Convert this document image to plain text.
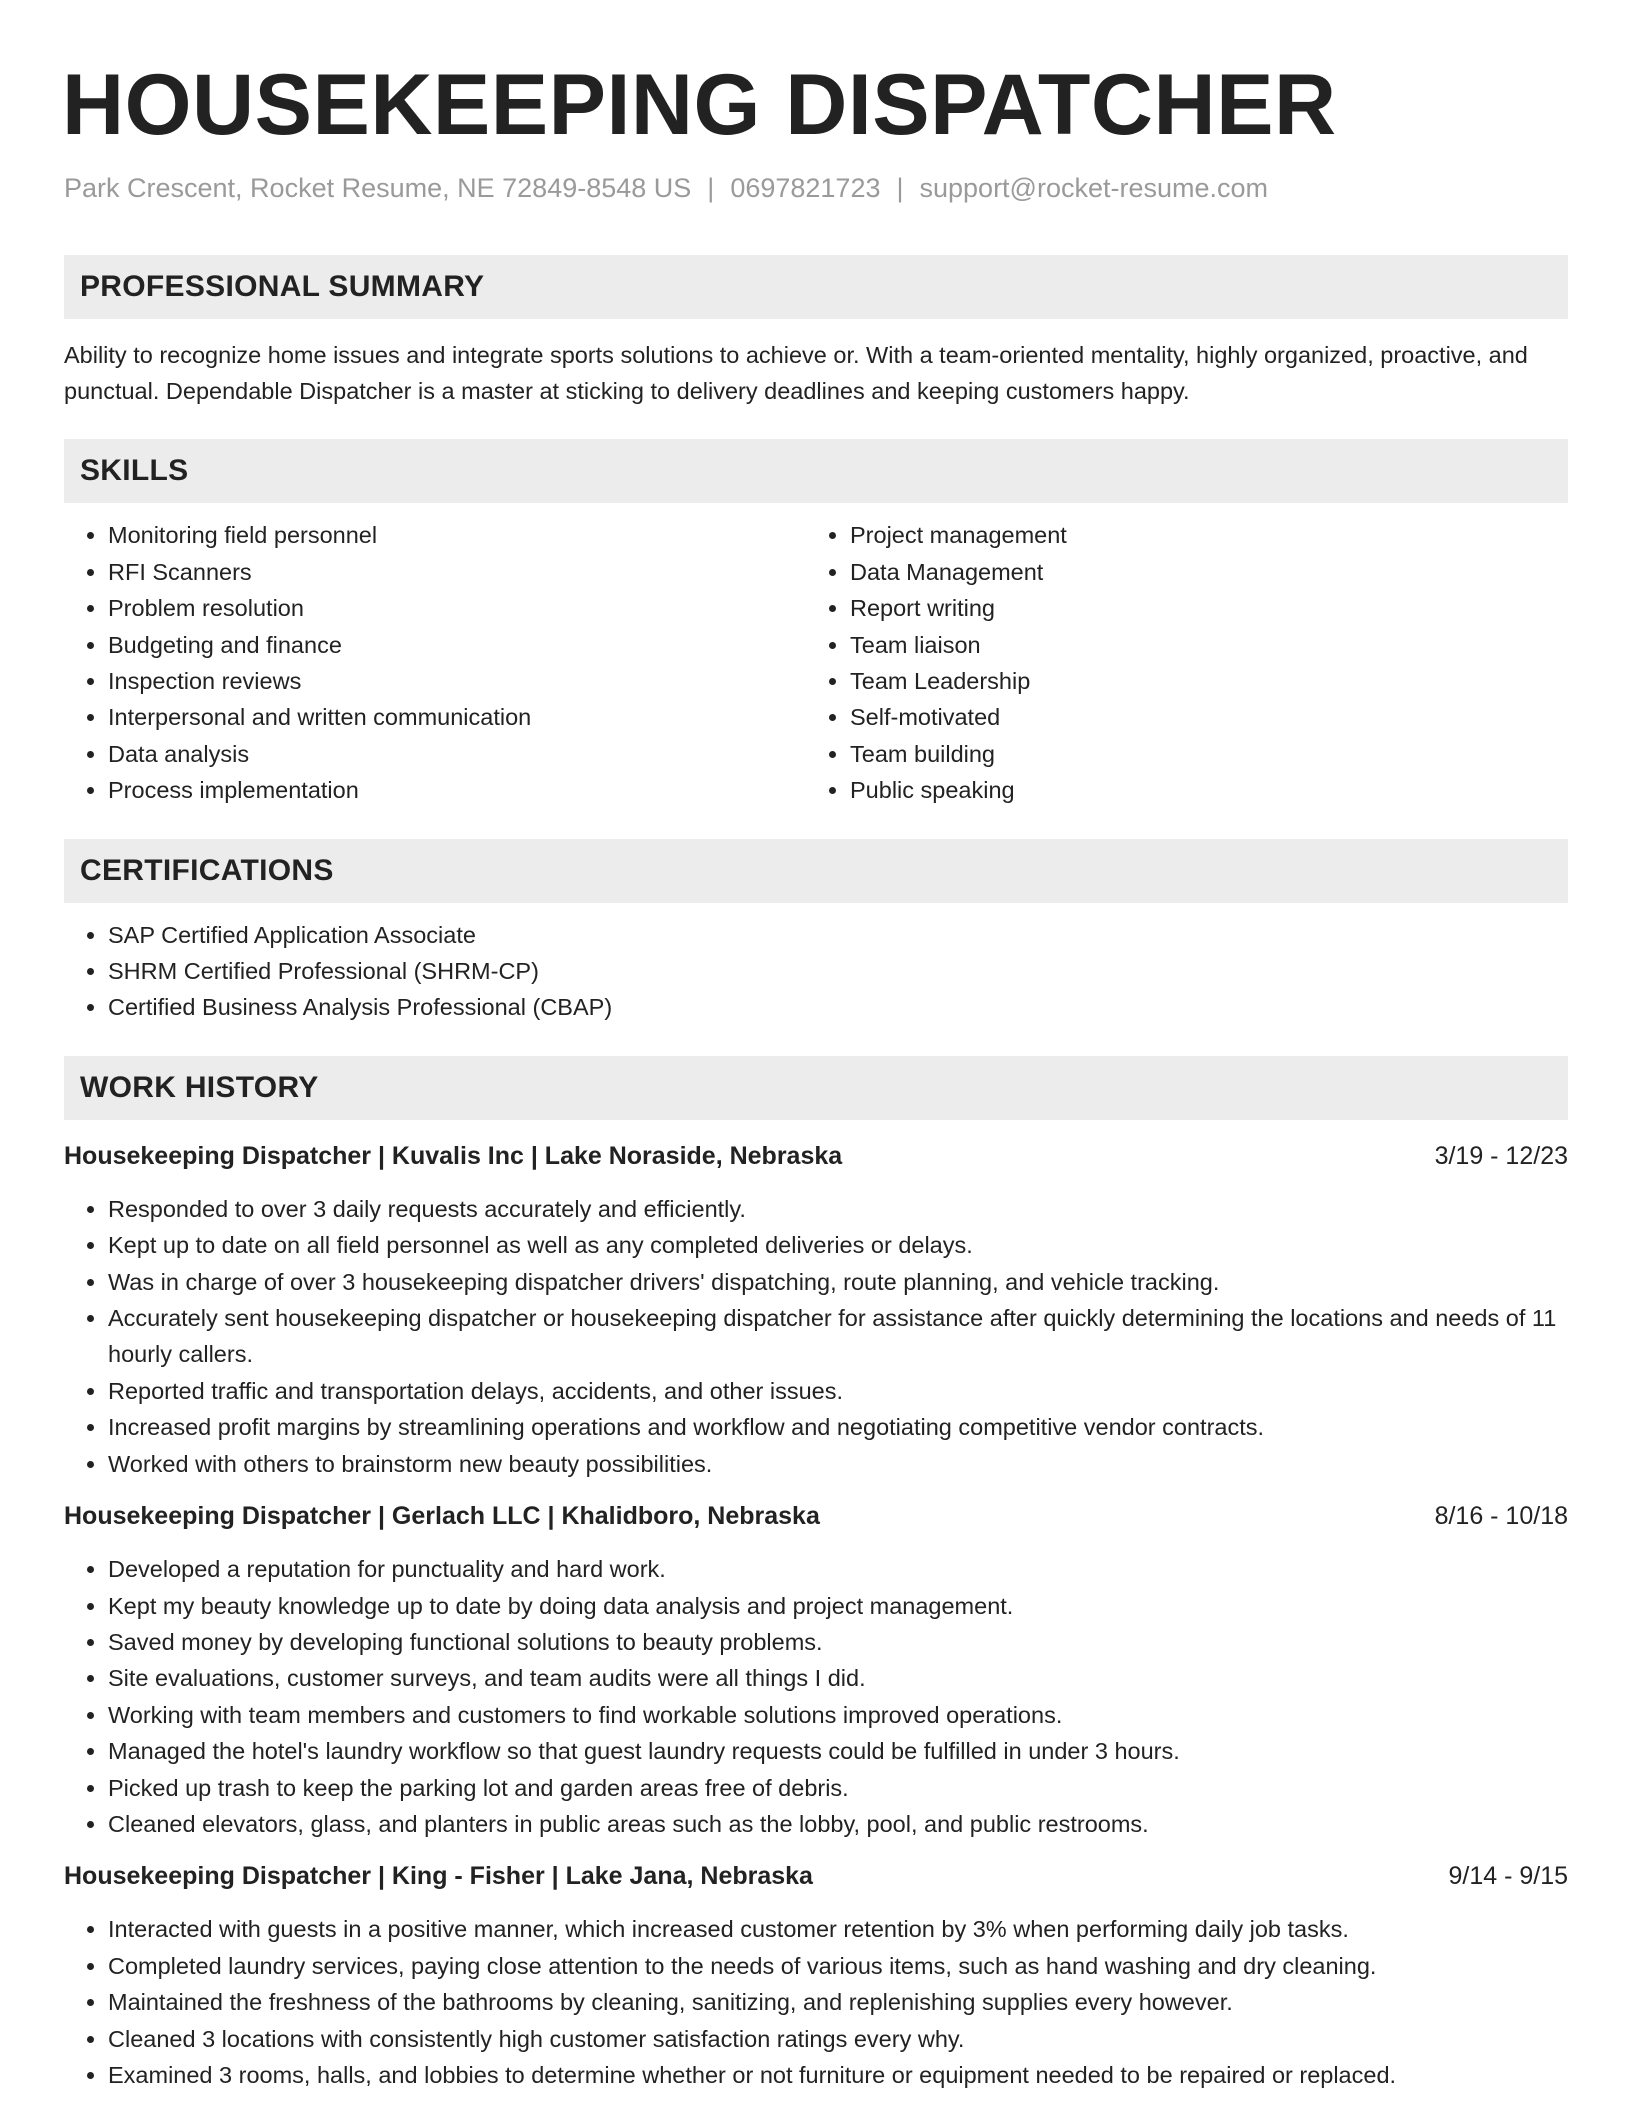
HOUSEKEEPING DISPATCHER
Park Crescent, Rocket Resume, NE 72849-8548 US | 0697821723 | support@rocket-resume.com
PROFESSIONAL SUMMARY
Ability to recognize home issues and integrate sports solutions to achieve or. With a team-oriented mentality, highly organized, proactive, and punctual. Dependable Dispatcher is a master at sticking to delivery deadlines and keeping customers happy.
SKILLS
• Monitoring field personnel
• RFI Scanners
• Problem resolution
• Budgeting and finance
• Inspection reviews
• Interpersonal and written communication
• Data analysis
• Process implementation
• Project management
• Data Management
• Report writing
• Team liaison
• Team Leadership
• Self-motivated
• Team building
• Public speaking
CERTIFICATIONS
• SAP Certified Application Associate
• SHRM Certified Professional (SHRM-CP)
• Certified Business Analysis Professional (CBAP)
WORK HISTORY
Housekeeping Dispatcher | Kuvalis Inc | Lake Noraside, Nebraska	3/19 - 12/23
• Responded to over 3 daily requests accurately and efficiently.
• Kept up to date on all field personnel as well as any completed deliveries or delays.
• Was in charge of over 3 housekeeping dispatcher drivers' dispatching, route planning, and vehicle tracking.
• Accurately sent housekeeping dispatcher or housekeeping dispatcher for assistance after quickly determining the locations and needs of 11 hourly callers.
• Reported traffic and transportation delays, accidents, and other issues.
• Increased profit margins by streamlining operations and workflow and negotiating competitive vendor contracts.
• Worked with others to brainstorm new beauty possibilities.
Housekeeping Dispatcher | Gerlach LLC | Khalidboro, Nebraska	8/16 - 10/18
• Developed a reputation for punctuality and hard work.
• Kept my beauty knowledge up to date by doing data analysis and project management.
• Saved money by developing functional solutions to beauty problems.
• Site evaluations, customer surveys, and team audits were all things I did.
• Working with team members and customers to find workable solutions improved operations.
• Managed the hotel's laundry workflow so that guest laundry requests could be fulfilled in under 3 hours.
• Picked up trash to keep the parking lot and garden areas free of debris.
• Cleaned elevators, glass, and planters in public areas such as the lobby, pool, and public restrooms.
Housekeeping Dispatcher | King - Fisher | Lake Jana, Nebraska	9/14 - 9/15
• Interacted with guests in a positive manner, which increased customer retention by 3% when performing daily job tasks.
• Completed laundry services, paying close attention to the needs of various items, such as hand washing and dry cleaning.
• Maintained the freshness of the bathrooms by cleaning, sanitizing, and replenishing supplies every however.
• Cleaned 3 locations with consistently high customer satisfaction ratings every why.
• Examined 3 rooms, halls, and lobbies to determine whether or not furniture or equipment needed to be repaired or replaced.
